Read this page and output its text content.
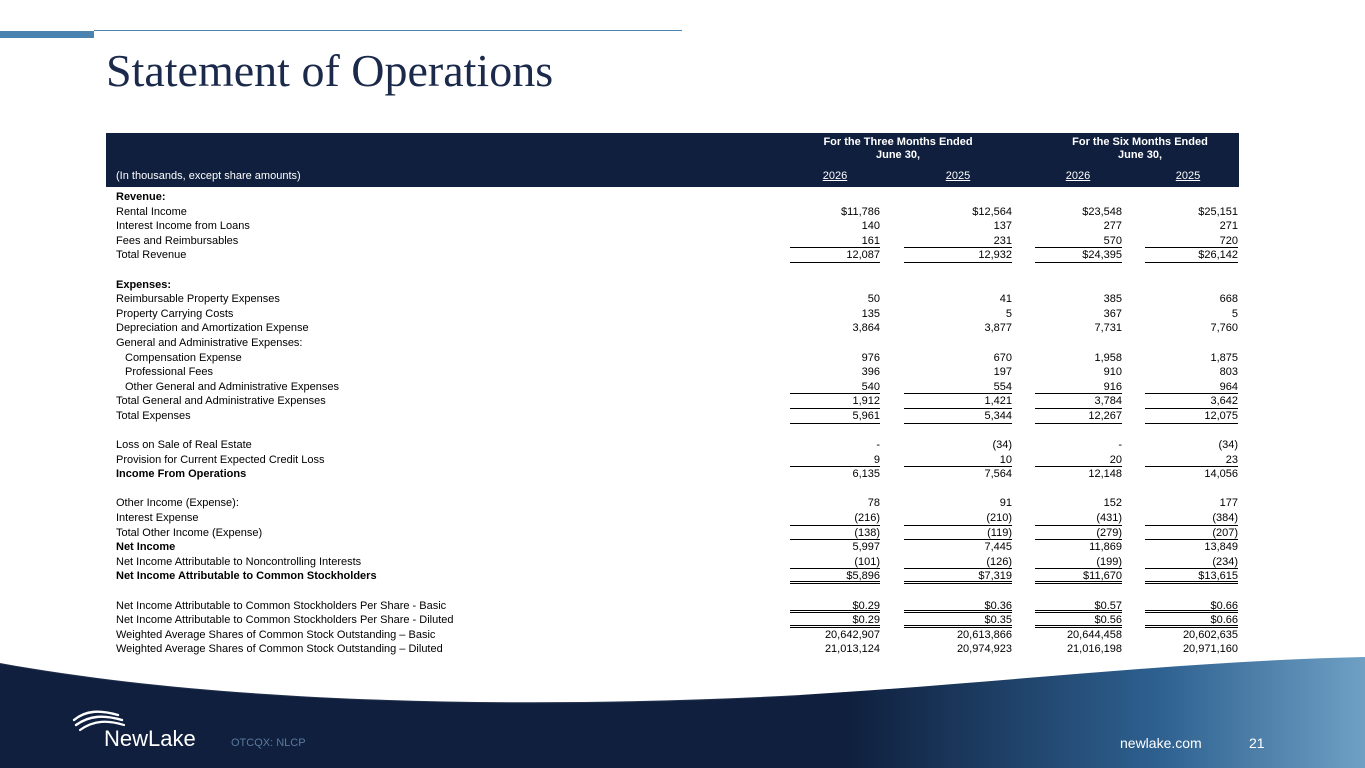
Statement of Operations
For the Three Months Ended
June 30,
For the Six Months Ended
June 30,
(In thousands, except share amounts)	2026	2025	2026	2025
Revenue:
Rental Income	$11,786	$12,564	$23,548	$25,151
Interest Income from Loans	140	137	277	271
Fees and Reimbursables	161	231	570	720
Total Revenue	12,087	12,932	$24,395	$26,142
Expenses:
Reimbursable Property Expenses	50	41	385	668
Property Carrying Costs	135	5	367	5
Depreciation and Amortization Expense	3,864	3,877	7,731	7,760
General and Administrative Expenses:
Compensation Expense	976	670	1,958	1,875
Professional Fees	396	197	910	803
Other General and Administrative Expenses	540	554	916	964
Total General and Administrative Expenses	1,912	1,421	3,784	3,642
Total Expenses	5,961	5,344	12,267	12,075
Loss on Sale of Real Estate	-	(34)	-	(34)
Provision for Current Expected Credit Loss	9	10	20	23
Income From Operations	6,135	7,564	12,148	14,056
Other Income (Expense):	78	91	152	177
Interest Expense	(216)	(210)	(431)	(384)
Total Other Income (Expense)	(138)	(119)	(279)	(207)
Net Income	5,997	7,445	11,869	13,849
Net Income Attributable to Noncontrolling Interests	(101)	(126)	(199)	(234)
Net Income Attributable to Common Stockholders	$5,896	$7,319	$11,670	$13,615
Net Income Attributable to Common Stockholders Per Share - Basic	$0.29	$0.36	$0.57	$0.66
Net Income Attributable to Common Stockholders Per Share - Diluted	$0.29	$0.35	$0.56	$0.66
Weighted Average Shares of Common Stock Outstanding – Basic	20,642,907	20,613,866	20,644,458	20,602,635
Weighted Average Shares of Common Stock Outstanding – Diluted	21,013,124	20,974,923	21,016,198	20,971,160
NewLake	OTCQX: NLCP	newlake.com	21
